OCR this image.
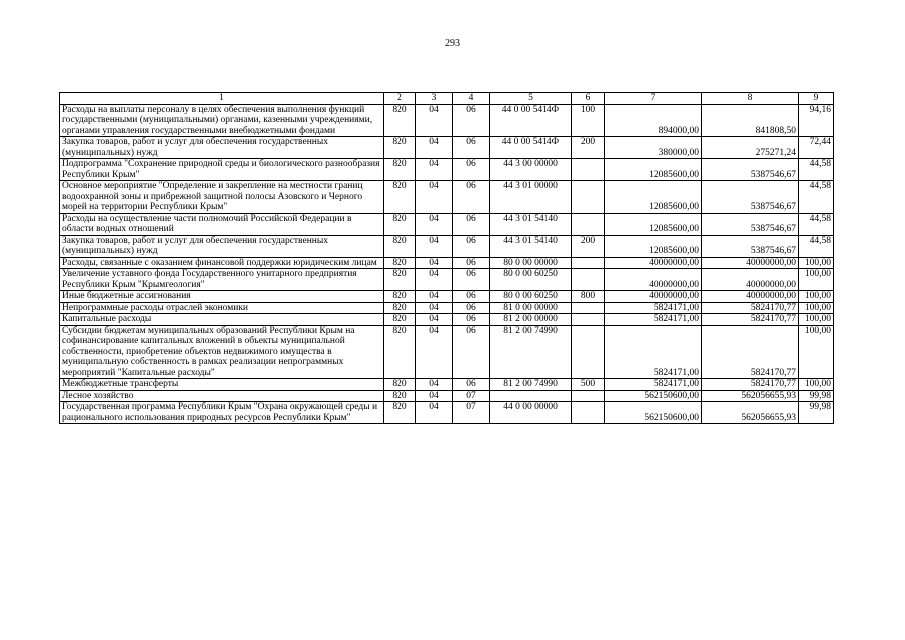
293
1	2	3	4	5	6	7	8	9
Расходы на выплаты персоналу в целях обеспечения выполнения функций государственными (муниципальными) органами, казенными учреждениями, органами управления государственными внебюджетными фондами	820	04	06	44 0 00 5414Ф	100	894000,00	841808,50	94,16
Закупка товаров, работ и услуг для обеспечения государственных (муниципальных) нужд	820	04	06	44 0 00 5414Ф	200	380000,00	275271,24	72,44
Подпрограмма "Сохранение природной среды и биологического разнообразия Республики Крым"	820	04	06	44 3 00 00000		12085600,00	5387546,67	44,58
Основное мероприятие "Определение и закрепление на местности границ водоохранной зоны и прибрежной защитной полосы Азовского и Черного морей на территории Республики Крым"	820	04	06	44 3 01 00000		12085600,00	5387546,67	44,58
Расходы на осуществление части полномочий Российской Федерации в области водных отношений	820	04	06	44 3 01 54140		12085600,00	5387546,67	44,58
Закупка товаров, работ и услуг для обеспечения государственных (муниципальных) нужд	820	04	06	44 3 01 54140	200	12085600,00	5387546,67	44,58
Расходы, связанные с оказанием финансовой поддержки юридическим лицам	820	04	06	80 0 00 00000		40000000,00	40000000,00	100,00
Увеличение уставного фонда Государственного унитарного предприятия Республики Крым "Крымгеология"	820	04	06	80 0 00 60250		40000000,00	40000000,00	100,00
Иные бюджетные ассигнования	820	04	06	80 0 00 60250	800	40000000,00	40000000,00	100,00
Непрограммные расходы отраслей экономики	820	04	06	81 0 00 00000		5824171,00	5824170,77	100,00
Капитальные расходы	820	04	06	81 2 00 00000		5824171,00	5824170,77	100,00
Субсидии бюджетам муниципальных образований Республики Крым на софинансирование капитальных вложений в объекты муниципальной собственности, приобретение объектов недвижимого имущества в муниципальную собственность в рамках реализации непрограммных мероприятий "Капитальные расходы"	820	04	06	81 2 00 74990		5824171,00	5824170,77	100,00
Межбюджетные трансферты	820	04	06	81 2 00 74990	500	5824171,00	5824170,77	100,00
Лесное хозяйство	820	04	07			562150600,00	562056655,93	99,98
Государственная программа Республики Крым "Охрана окружающей среды и рационального использования природных ресурсов Республики Крым"	820	04	07	44 0 00 00000		562150600,00	562056655,93	99,98
